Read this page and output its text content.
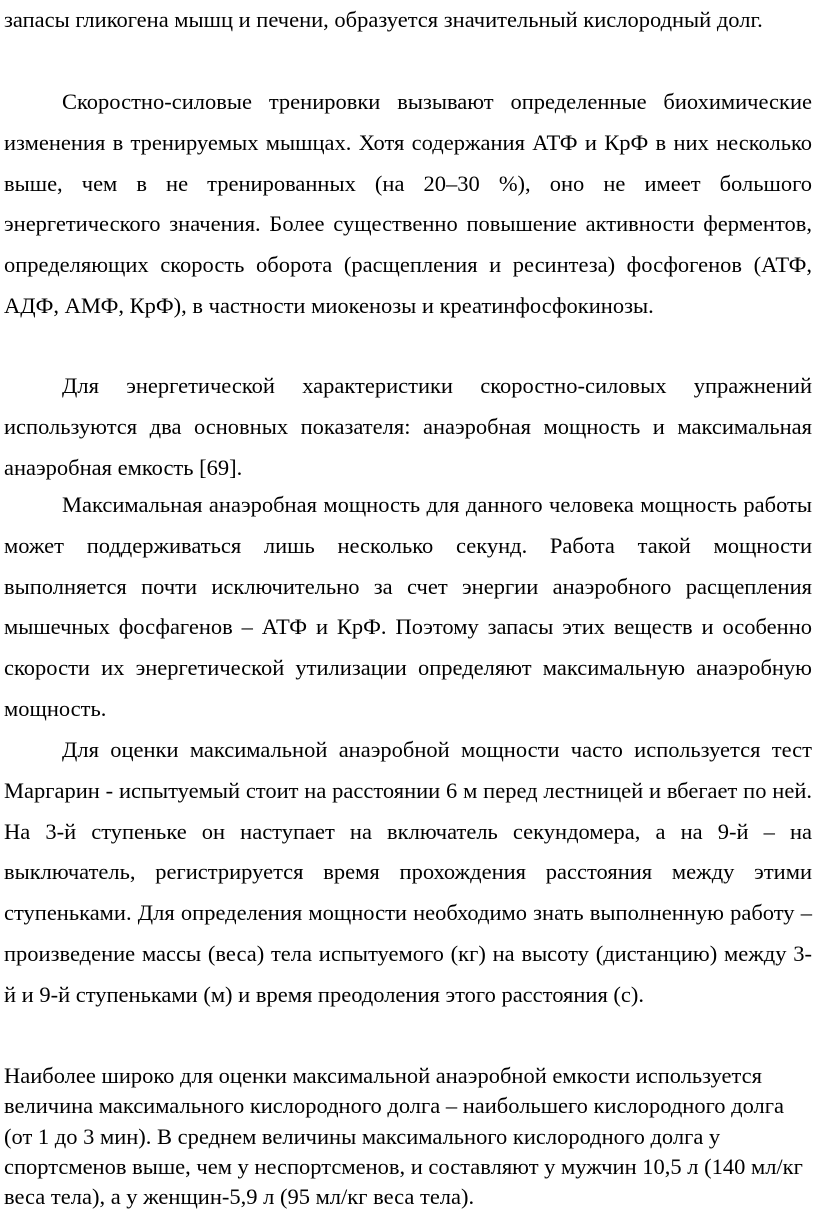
запасы гликогена мышц и печени, образуется значительный кислородный долг.

Скоростно-силовые тренировки вызывают определенные биохимические изменения в тренируемых мышцах. Хотя содержания АТФ и КрФ в них несколько выше, чем в не тренированных (на 20–30 %), оно не имеет большого энергетического значения. Более существенно повышение активности ферментов, определяющих скорость оборота (расщепления и ресинтеза) фосфогенов (АТФ, АДФ, АМФ, КрФ), в частности миокенозы и креатинфосфокинозы.

Для энергетической характеристики скоростно-силовых упражнений используются два основных показателя: анаэробная мощность и максимальная анаэробная емкость [69].

Максимальная анаэробная мощность для данного человека мощность работы может поддерживаться лишь несколько секунд. Работа такой мощности выполняется почти исключительно за счет энергии анаэробного расщепления мышечных фосфагенов – АТФ и КрФ. Поэтому запасы этих веществ и особенно скорости их энергетической утилизации определяют максимальную анаэробную мощность.

Для оценки максимальной анаэробной мощности часто используется тест Маргарин - испытуемый стоит на расстоянии 6 м перед лестницей и вбегает по ней. На 3-й ступеньке он наступает на включатель секундомера, а на 9-й – на выключатель, регистрируется время прохождения расстояния между этими ступеньками. Для определения мощности необходимо знать выполненную работу – произведение массы (веса) тела испытуемого (кг) на высоту (дистанцию) между 3-й и 9-й ступеньками (м) и время преодоления этого расстояния (с).

Наиболее широко для оценки максимальной анаэробной емкости используется величина максимального кислородного долга – наибольшего кислородного долга (от 1 до 3 мин). В среднем величины максимального кислородного долга у спортсменов выше, чем у неспортсменов, и составляют у мужчин 10,5 л (140 мл/кг веса тела), а у женщин-5,9 л (95 мл/кг веса тела).
